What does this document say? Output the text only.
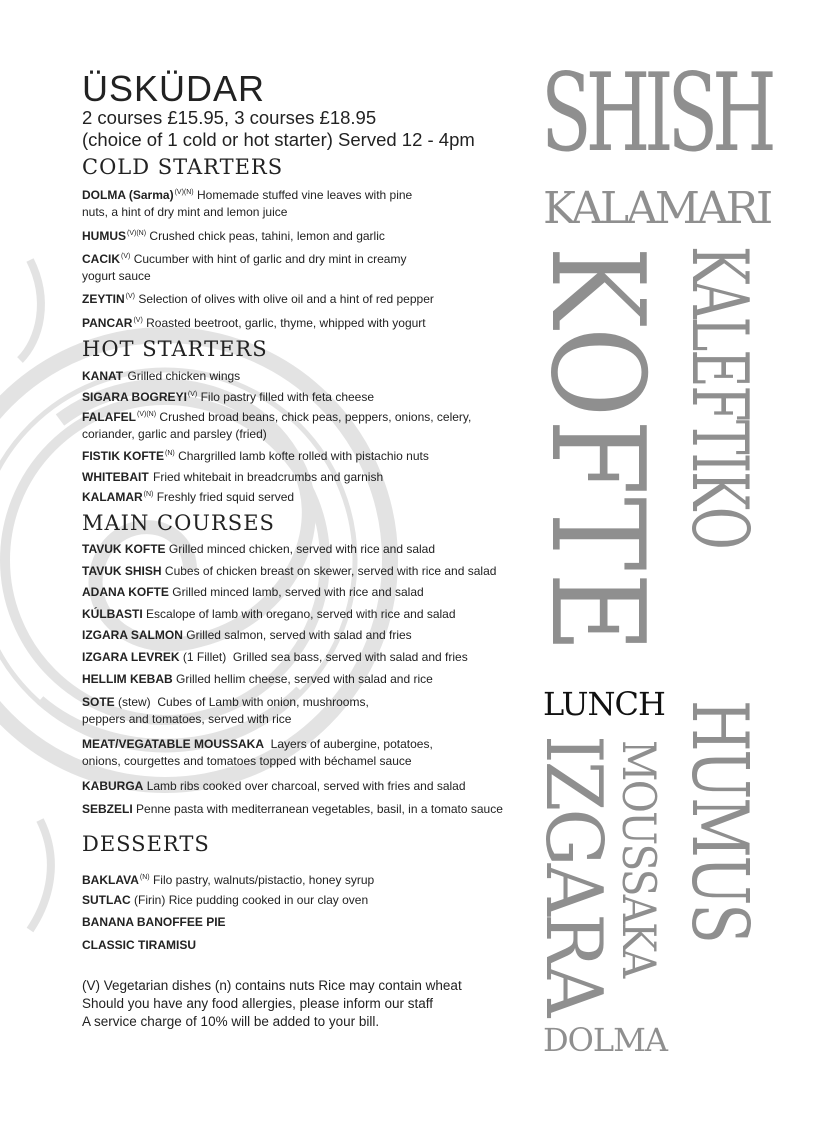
ÜSKÜDAR
2 courses £15.95, 3 courses £18.95
(choice of 1 cold or hot starter) Served 12 - 4pm
COLD STARTERS
DOLMA (Sarma)$^{(V)(N)}$ Homemade stuffed vine leaves with pine nuts, a hint of dry mint and lemon juice
HUMUS$^{(V)(N)}$ Crushed chick peas, tahini, lemon and garlic
CACIK$^{(V)}$ Cucumber with hint of garlic and dry mint in creamy yogurt sauce
ZEYTIN$^{(V)}$ Selection of olives with olive oil and a hint of red pepper
PANCAR$^{(V)}$ Roasted beetroot, garlic, thyme, whipped with yogurt
HOT STARTERS
KANAT Grilled chicken wings
SIGARA BOGREYI$^{(V)}$ Filo pastry filled with feta cheese
FALAFEL$^{(V)(N)}$ Crushed broad beans, chick peas, peppers, onions, celery, coriander, garlic and parsley (fried)
FISTIK KOFTE$^{(N)}$ Chargrilled lamb kofte rolled with pistachio nuts
WHITEBAIT Fried whitebait in breadcrumbs and garnish
KALAMAR$^{(N)}$ Freshly fried squid served
MAIN COURSES
TAVUK KOFTE Grilled minced chicken, served with rice and salad
TAVUK SHISH Cubes of chicken breast on skewer, served with rice and salad
ADANA KOFTE Grilled minced lamb, served with rice and salad
KÚLBASTI Escalope of lamb with oregano, served with rice and salad
IZGARA SALMON Grilled salmon, served with salad and fries
IZGARA LEVREK (1 Fillet) Grilled sea bass, served with salad and fries
HELLIM KEBAB Grilled hellim cheese, served with salad and rice
SOTE (stew) Cubes of Lamb with onion, mushrooms, peppers and tomatoes, served with rice
MEAT/VEGATABLE MOUSSAKA Layers of aubergine, potatoes, onions, courgettes and tomatoes topped with béchamel sauce
KABURGA Lamb ribs cooked over charcoal, served with fries and salad
SEBZELI Penne pasta with mediterranean vegetables, basil, in a tomato sauce
DESSERTS
BAKLAVA$^{(N)}$ Filo pastry, walnuts/pistactio, honey syrup
SUTLAC (Firin) Rice pudding cooked in our clay oven
BANANA BANOFFEE PIE
CLASSIC TIRAMISU
(V) Vegetarian dishes (n) contains nuts Rice may contain wheat
Should you have any food allergies, please inform our staff
A service charge of 10% will be added to your bill.
SHISH
KALAMARI
KOFTE KALEFTIKO
HUMUS
MOUSSAKA
IZGARA
DOLMA
LUNCH
